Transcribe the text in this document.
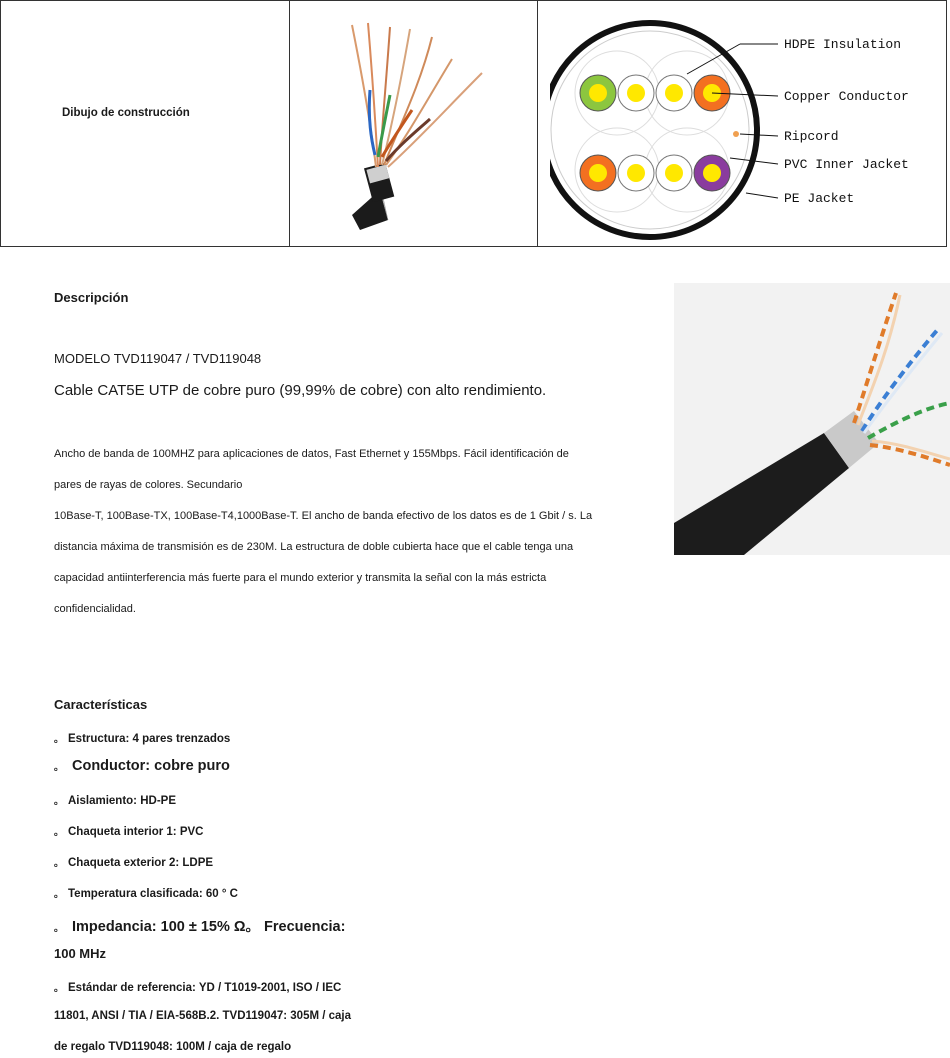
Dibujo de construcción
HDPE Insulation
Copper Conductor
Ripcord
PVC Inner Jacket
PE Jacket
Descripción
MODELO TVD119047 / TVD119048
Cable CAT5E UTP de cobre puro (99,99% de cobre) con alto rendimiento.
Ancho de banda de 100MHZ para aplicaciones de datos, Fast Ethernet y 155Mbps. Fácil identificación de
pares de rayas de colores. Secundario
10Base-T, 100Base-TX, 100Base-T4,1000Base-T. El ancho de banda efectivo de los datos es de 1 Gbit / s. La
distancia máxima de transmisión es de 230M. La estructura de doble cubierta hace que el cable tenga una
capacidad antiinterferencia más fuerte para el mundo exterior y transmita la señal con la más estricta
confidencialidad.
Características
。 Estructura: 4 pares trenzados
。 Conductor: cobre puro
。 Aislamiento: HD-PE
。 Chaqueta interior 1: PVC
。 Chaqueta exterior 2: LDPE
。 Temperatura clasificada: 60 ° C
。 Impedancia: 100 ± 15% Ω。 Frecuencia:
100 MHz
。 Estándar de referencia: YD / T1019-2001, ISO / IEC
11801, ANSI / TIA / EIA-568B.2. TVD119047: 305M / caja
de regalo TVD119048: 100M / caja de regalo
